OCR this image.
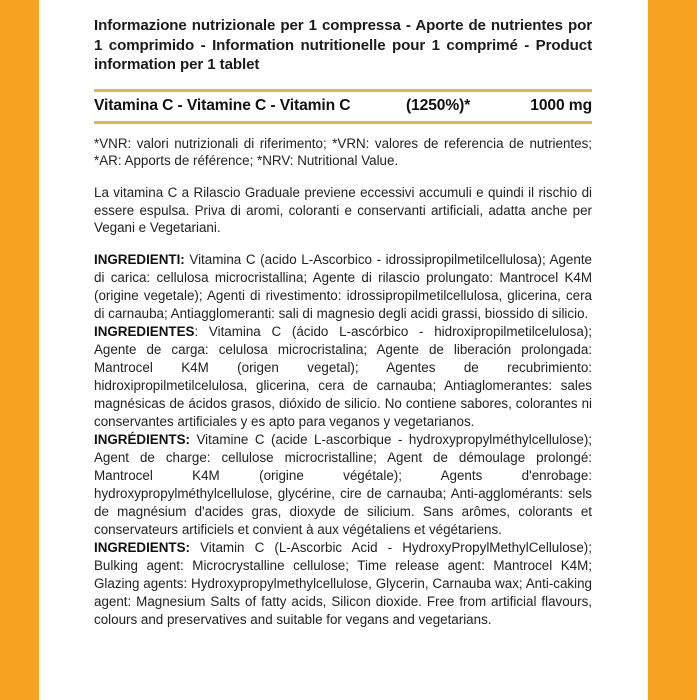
Informazione nutrizionale per 1 compressa - Aporte de nutrientes por 1 comprimido - Information nutritionelle pour 1 comprimé - Product information per 1 tablet

Vitamina C - Vitamine C - Vitamin C	(1250%)*	1000 mg

*VNR: valori nutrizionali di riferimento; *VRN: valores de referencia de nutrientes; *AR: Apports de référence; *NRV: Nutritional Value.

La vitamina C a Rilascio Graduale previene eccessivi accumuli e quindi il rischio di essere espulsa. Priva di aromi, coloranti e conservanti artificiali, adatta anche per Vegani e Vegetariani.

INGREDIENTI: Vitamina C (acido L-Ascorbico - idrossipropilmetilcellulosa); Agente di carica: cellulosa microcristallina; Agente di rilascio prolungato: Mantrocel K4M (origine vegetale); Agenti di rivestimento: idrossipropilmetilcellulosa, glicerina, cera di carnauba; Antiagglomeranti: sali di magnesio degli acidi grassi, biossido di silicio.

INGREDIENTES: Vitamina C (ácido L-ascórbico - hidroxipropilmetilcelulosa); Agente de carga: celulosa microcristalina; Agente de liberación prolongada: Mantrocel K4M (origen vegetal); Agentes de recubrimiento: hidroxipropilmetilcelulosa, glicerina, cera de carnauba; Antiaglomerantes: sales magnésicas de ácidos grasos, dióxido de silicio. No contiene sabores, colorantes ni conservantes artificiales y es apto para veganos y vegetarianos.

INGRÉDIENTS: Vitamine C (acide L-ascorbique - hydroxypropylméthylcellulose); Agent de charge: cellulose microcristalline; Agent de démoulage prolongé: Mantrocel K4M (origine végétale); Agents d'enrobage: hydroxypropylméthylcellulose, glycérine, cire de carnauba; Anti-agglomérants: sels de magnésium d'acides gras, dioxyde de silicium. Sans arômes, colorants et conservateurs artificiels et convient à aux végétaliens et végétariens.

INGREDIENTS: Vitamin C (L-Ascorbic Acid - HydroxyPropylMethylCellulose); Bulking agent: Microcrystalline cellulose; Time release agent: Mantrocel K4M; Glazing agents: Hydroxypropylmethylcellulose, Glycerin, Carnauba wax; Anti-caking agent: Magnesium Salts of fatty acids, Silicon dioxide. Free from artificial flavours, colours and preservatives and suitable for vegans and vegetarians.
